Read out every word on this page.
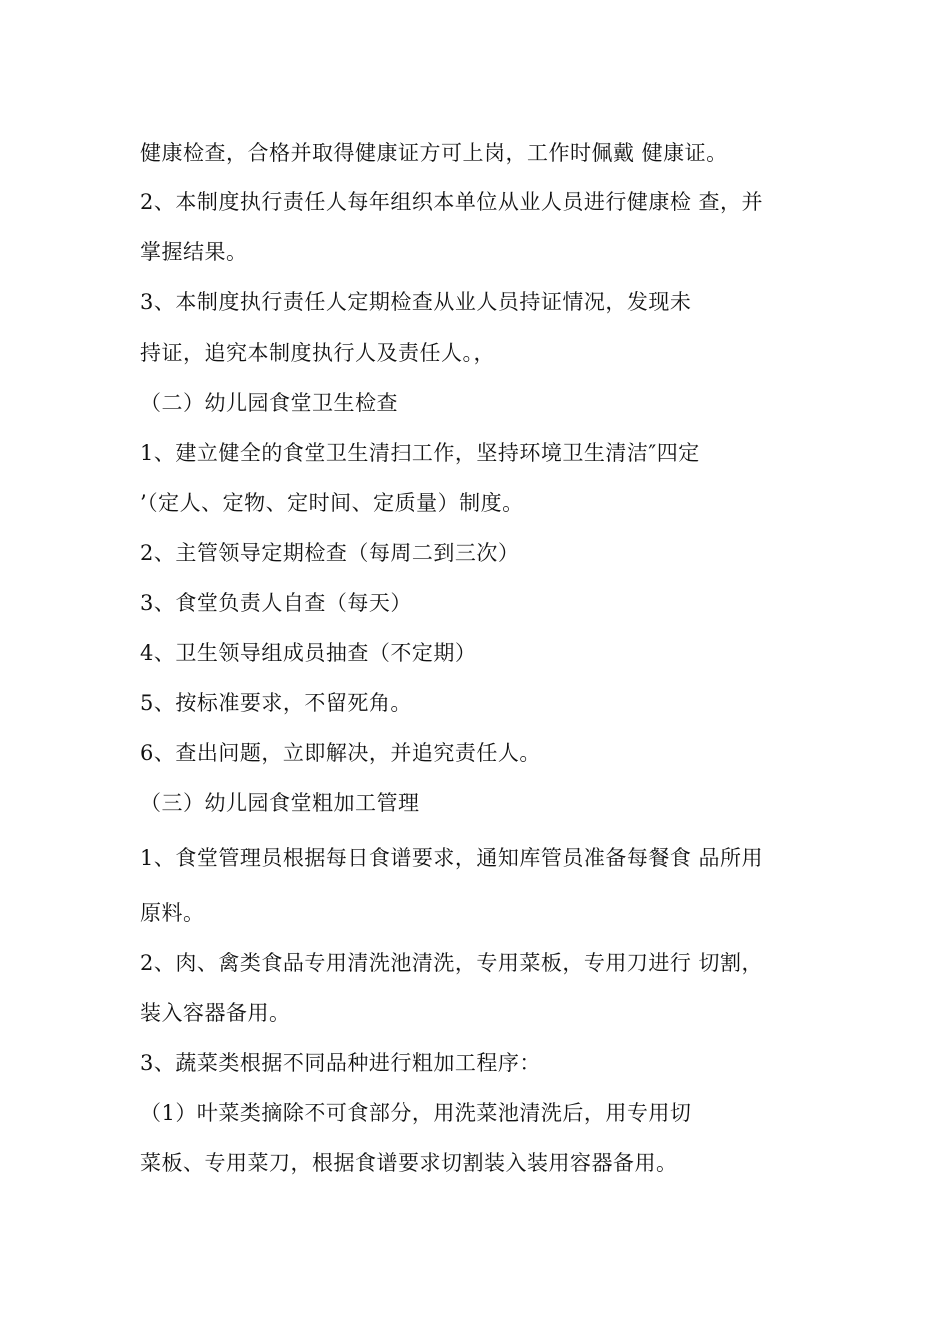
健康检查，合格并取得健康证方可上岗，工作时佩戴 健康证。
2、本制度执行责任人每年组织本单位从业人员进行健康检 查，并
掌握结果。
3、本制度执行责任人定期检查从业人员持证情况，发现未
持证，追究本制度执行人及责任人。，
（二）幼儿园食堂卫生检查
1、建立健全的食堂卫生清扫工作，坚持环境卫生清洁″四定
’（定人、定物、定时间、定质量）制度。
2、主管领导定期检查（每周二到三次）
3、食堂负责人自查（每天）
4、卫生领导组成员抽查（不定期）
5、按标准要求，不留死角。
6、查出问题，立即解决，并追究责任人。
（三）幼儿园食堂粗加工管理
1、食堂管理员根据每日食谱要求，通知库管员准备每餐食 品所用
原料。
2、肉、禽类食品专用清洗池清洗，专用菜板，专用刀进行 切割，
装入容器备用。
3、蔬菜类根据不同品种进行粗加工程序：
（1）叶菜类摘除不可食部分，用洗菜池清洗后，用专用切
菜板、专用菜刀，根据食谱要求切割装入装用容器备用。
